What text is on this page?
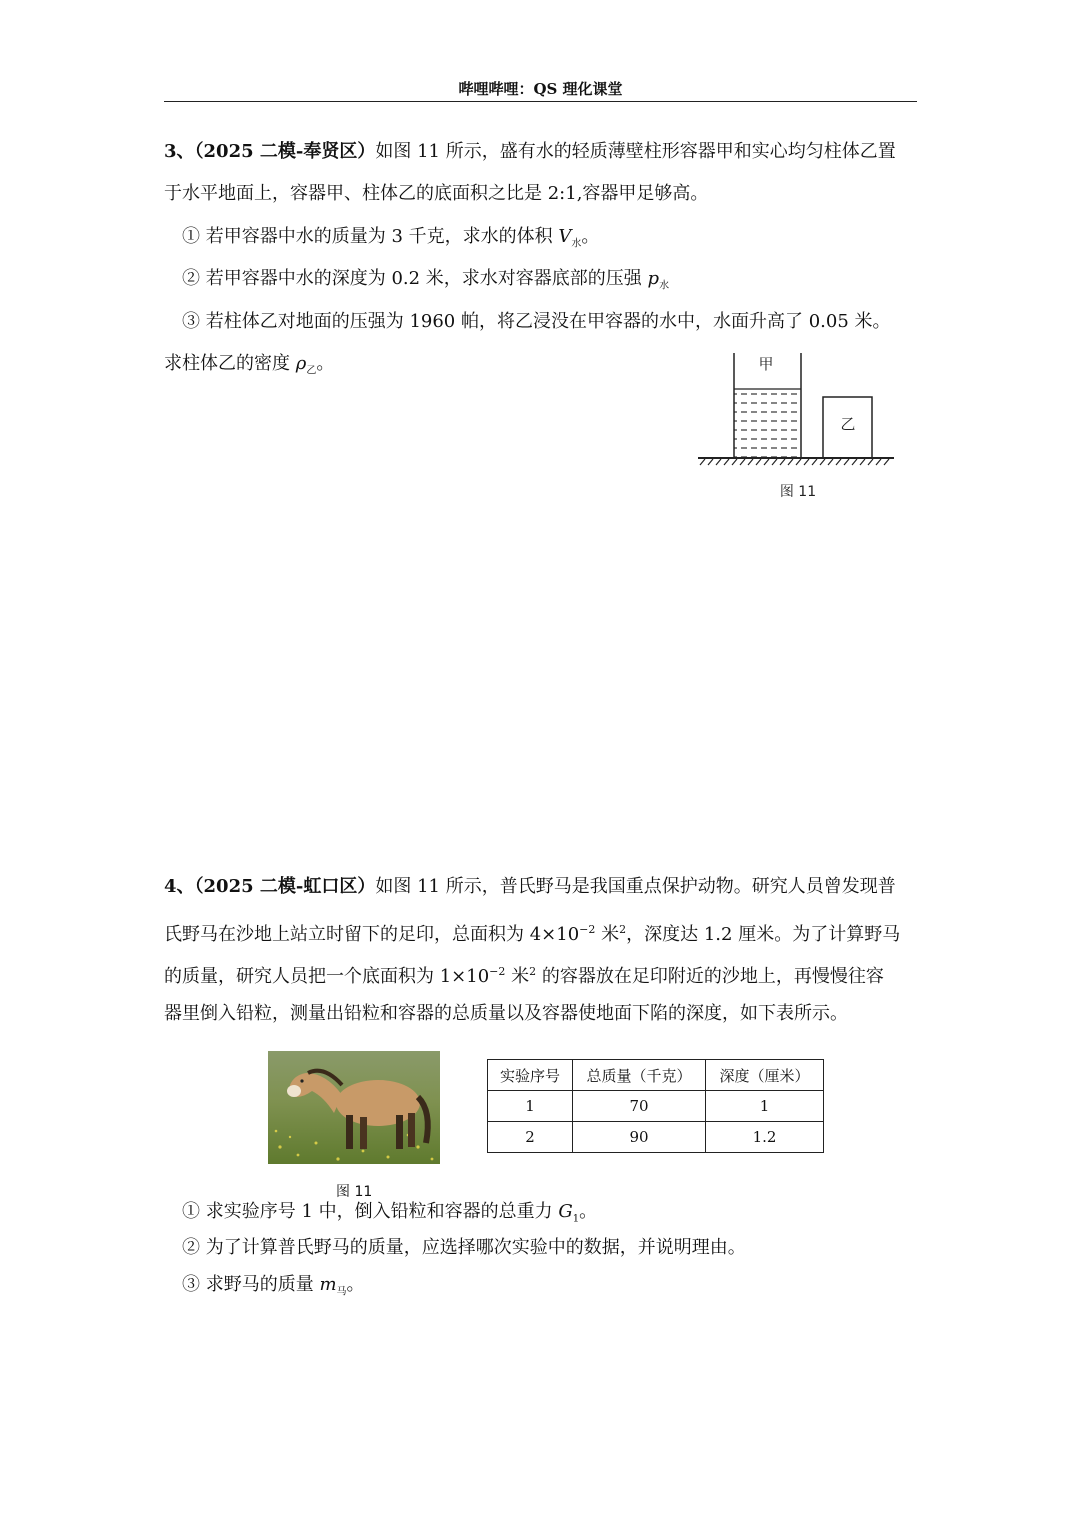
哔哩哔哩：QS 理化课堂
3、（2025 二模-奉贤区）如图 11 所示，盛有水的轻质薄壁柱形容器甲和实心均匀柱体乙置
于水平地面上，容器甲、柱体乙的底面积之比是 2:1,容器甲足够高。
① 若甲容器中水的质量为 3 千克，求水的体积 $V_水$。
② 若甲容器中水的深度为 0.2 米，求水对容器底部的压强 $p_水$
③ 若柱体乙对地面的压强为 1960 帕，将乙浸没在甲容器的水中，水面升高了 0.05 米。
求柱体乙的密度 $\rho_乙$。	甲
乙
图 11
4、（2025 二模-虹口区）如图 11 所示，普氏野马是我国重点保护动物。研究人员曾发现普
氏野马在沙地上站立时留下的足印，总面积为 $4\times 10^{-2}$ 米$^2$，深度达 1.2 厘米。为了计算野马
的质量，研究人员把一个底面积为 $1\times 10^{-2}$ 米$^2$ 的容器放在足印附近的沙地上，再慢慢往容
器里倒入铅粒，测量出铅粒和容器的总质量以及容器使地面下陷的深度，如下表所示。
图 11
实验序号	总质量（千克）	深度（厘米）
1	70	1
2	90	1.2
① 求实验序号 1 中，倒入铅粒和容器的总重力 $G_1$。
② 为了计算普氏野马的质量，应选择哪次实验中的数据，并说明理由。
③ 求野马的质量 $m_马$。
